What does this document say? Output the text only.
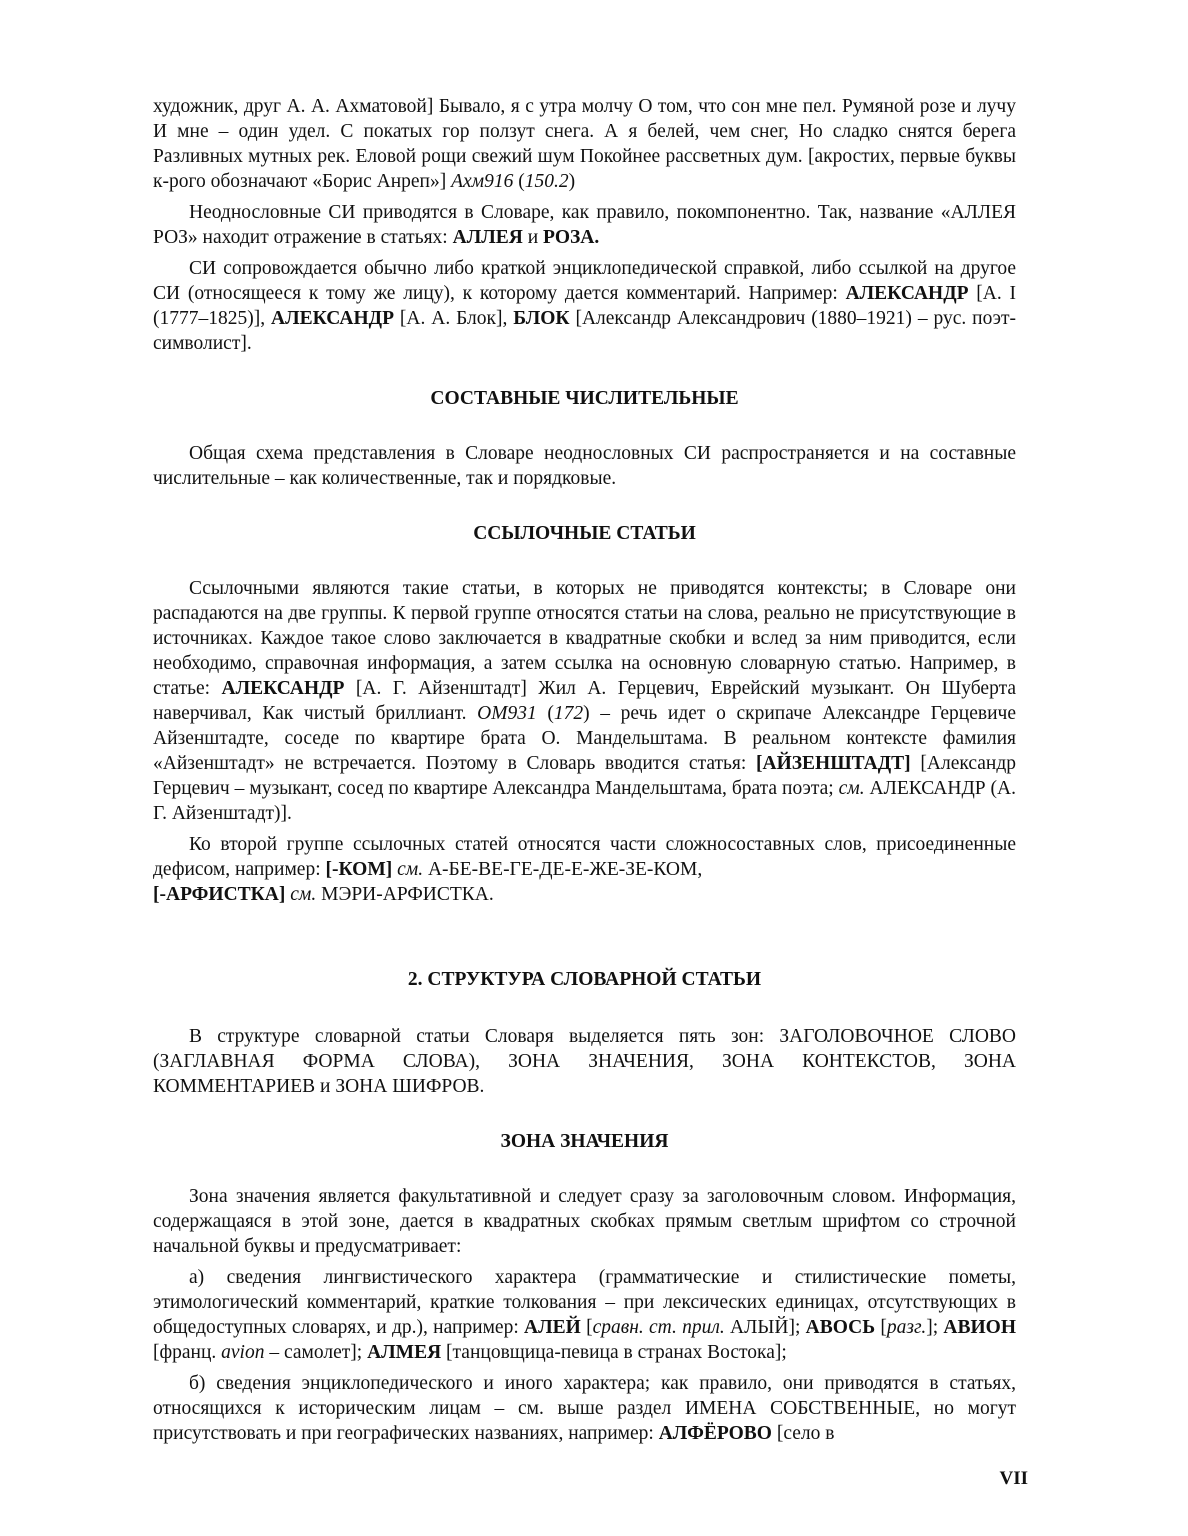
художник, друг А. А. Ахматовой] Бывало, я с утра молчу О том, что сон мне пел. Румяной розе и лучу И мне – один удел. С покатых гор ползут снега. А я белей, чем снег, Но сладко снятся берега Разливных мутных рек. Еловой рощи свежий шум Покойнее рассветных дум. [акростих, первые буквы к-рого обозначают «Борис Анреп»] Ахм916 (150.2)

Неоднословные СИ приводятся в Словаре, как правило, покомпонентно. Так, название «АЛЛЕЯ РОЗ» находит отражение в статьях: АЛЛЕЯ и РОЗА.

СИ сопровождается обычно либо краткой энциклопедической справкой, либо ссылкой на другое СИ (относящееся к тому же лицу), к которому дается комментарий. Например: АЛЕКСАНДР [А. I (1777–1825)], АЛЕКСАНДР [А. А. Блок], БЛОК [Александр Александрович (1880–1921) – рус. поэт-символист].

СОСТАВНЫЕ ЧИСЛИТЕЛЬНЫЕ

Общая схема представления в Словаре неоднословных СИ распространяется и на составные числительные – как количественные, так и порядковые.

ССЫЛОЧНЫЕ СТАТЬИ

Ссылочными являются такие статьи, в которых не приводятся контексты; в Словаре они распадаются на две группы. К первой группе относятся статьи на слова, реально не присутствующие в источниках. Каждое такое слово заключается в квадратные скобки и вслед за ним приводится, если необходимо, справочная информация, а затем ссылка на основную словарную статью. Например, в статье: АЛЕКСАНДР [А. Г. Айзенштадт] Жил А. Герцевич, Еврейский музыкант. Он Шуберта наверчивал, Как чистый бриллиант. ОМ931 (172) – речь идет о скрипаче Александре Герцевиче Айзенштадте, соседе по квартире брата О. Мандельштама. В реальном контексте фамилия «Айзенштадт» не встречается. Поэтому в Словарь вводится статья: [АЙЗЕНШТАДТ] [Александр Герцевич – музыкант, сосед по квартире Александра Мандельштама, брата поэта; см. АЛЕКСАНДР (А. Г. Айзенштадт)].

Ко второй группе ссылочных статей относятся части сложносоставных слов, присоединенные дефисом, например: [-КОМ] см. А-БЕ-ВЕ-ГЕ-ДЕ-Е-ЖЕ-ЗЕ-КОМ,
[-АРФИСТКА] см. МЭРИ-АРФИСТКА.

2. СТРУКТУРА СЛОВАРНОЙ СТАТЬИ

В структуре словарной статьи Словаря выделяется пять зон: ЗАГОЛОВОЧНОЕ СЛОВО (ЗАГЛАВНАЯ ФОРМА СЛОВА), ЗОНА ЗНАЧЕНИЯ, ЗОНА КОНТЕКСТОВ, ЗОНА КОММЕНТАРИЕВ и ЗОНА ШИФРОВ.

ЗОНА ЗНАЧЕНИЯ

Зона значения является факультативной и следует сразу за заголовочным словом. Информация, содержащаяся в этой зоне, дается в квадратных скобках прямым светлым шрифтом со строчной начальной буквы и предусматривает:

а) сведения лингвистического характера (грамматические и стилистические пометы, этимологический комментарий, краткие толкования – при лексических единицах, отсутствующих в общедоступных словарях, и др.), например: АЛЕЙ [сравн. ст. прил. АЛЫЙ]; АВОСЬ [разг.]; АВИОН [франц. avion – самолет]; АЛМЕЯ [танцовщица-певица в странах Востока];

б) сведения энциклопедического и иного характера; как правило, они приводятся в статьях, относящихся к историческим лицам – см. выше раздел ИМЕНА СОБСТВЕННЫЕ, но могут присутствовать и при географических названиях, например: АЛФЁРОВО [село в

VII
